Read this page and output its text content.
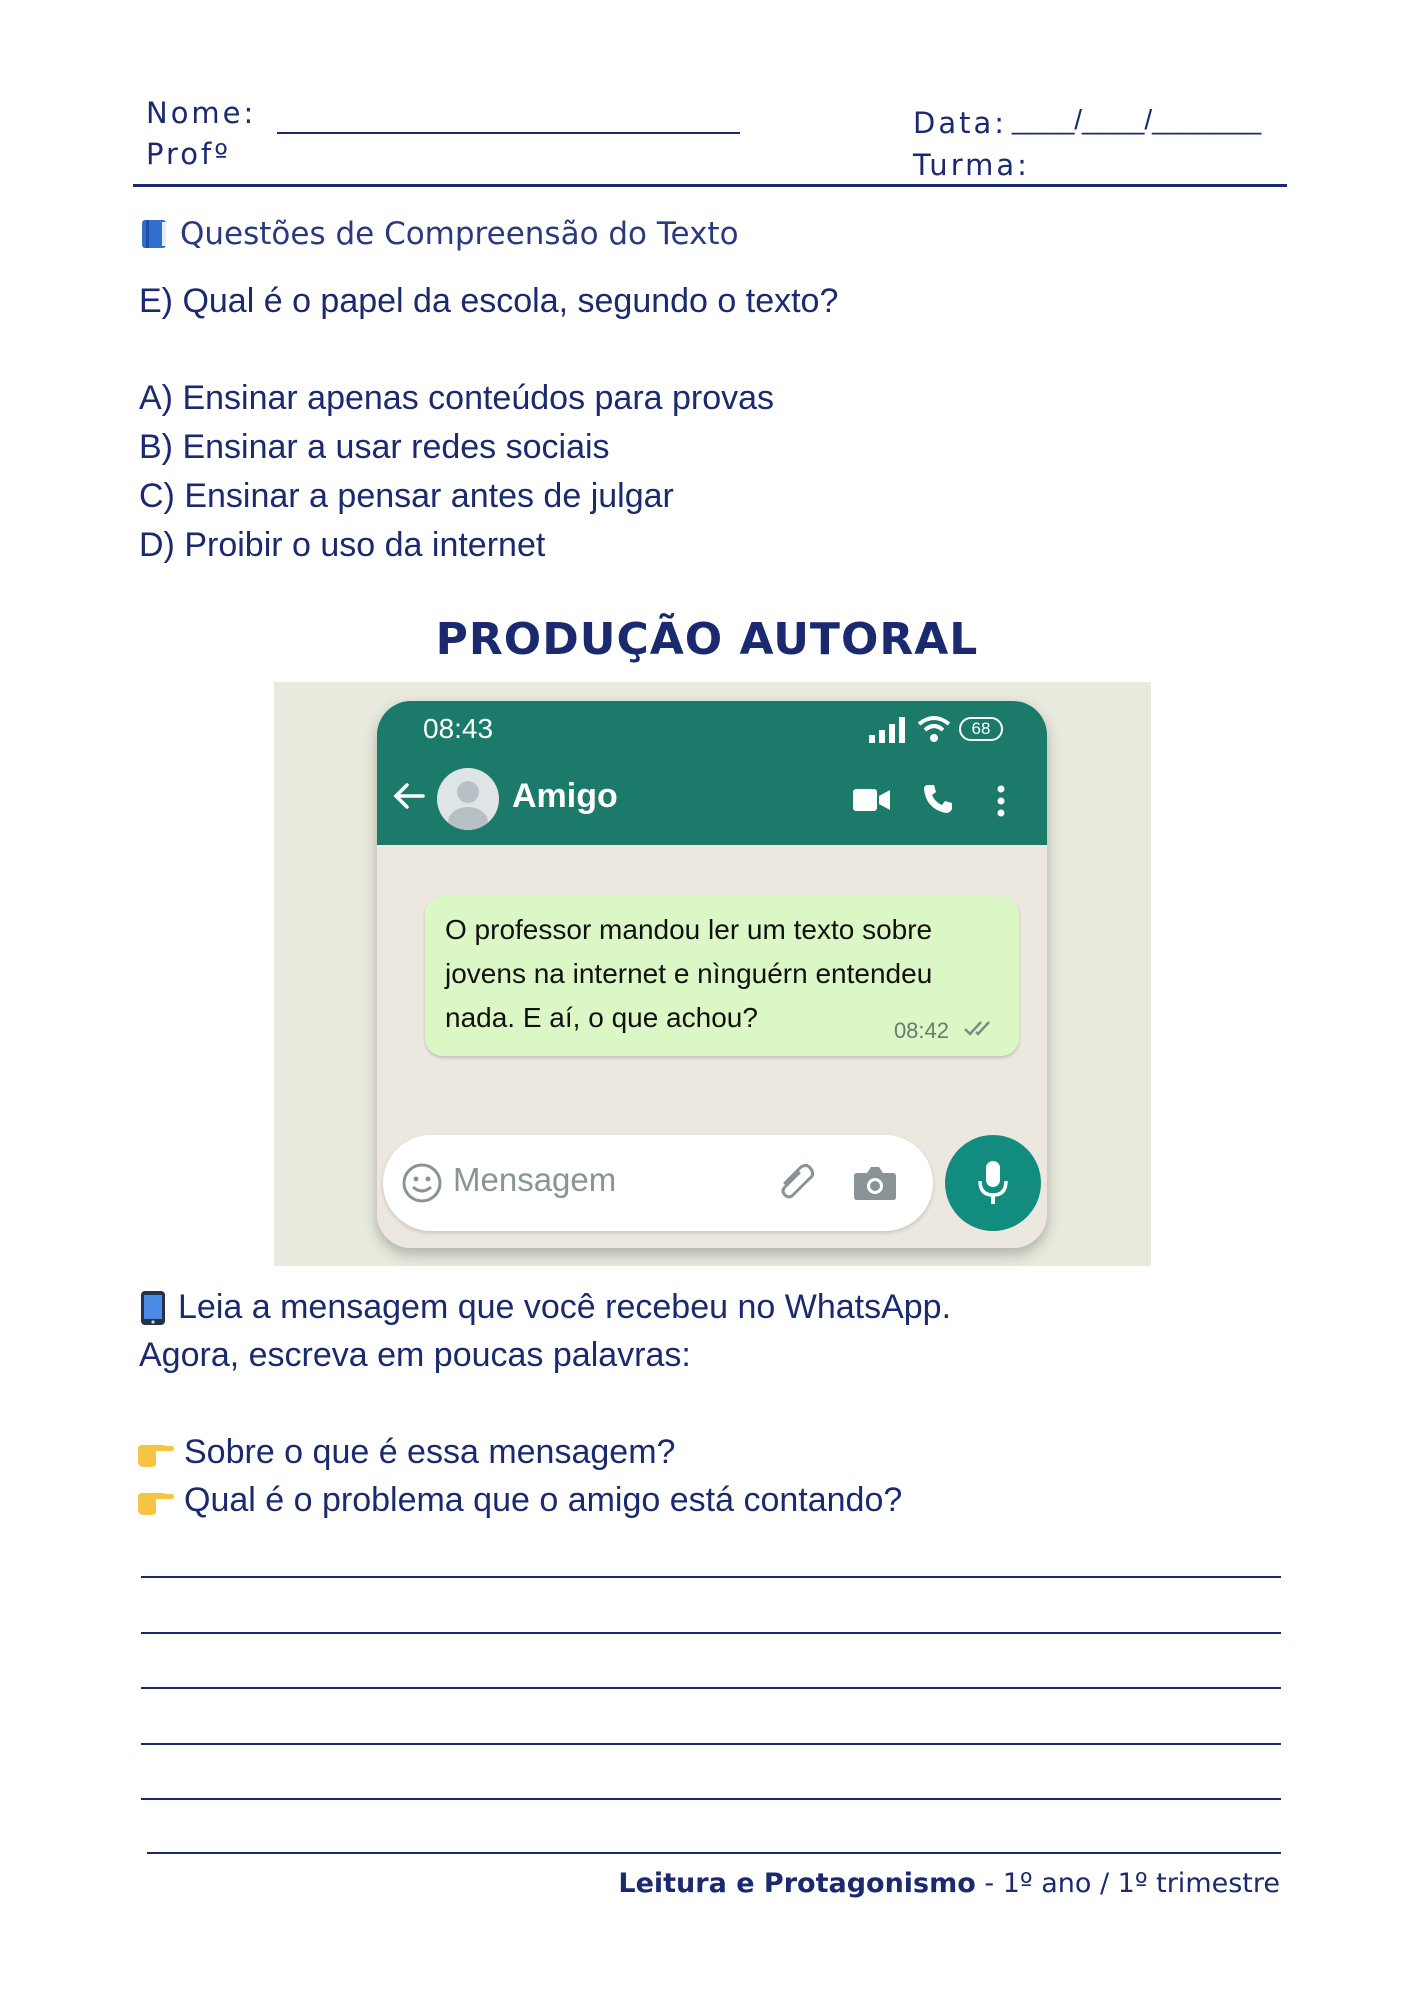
Nome:
Profº
Data: ____/____/_______
Turma:
Questões de Compreensão do Texto
E) Qual é o papel da escola, segundo o texto?
A) Ensinar apenas conteúdos para provas
B) Ensinar a usar redes sociais
C) Ensinar a pensar antes de julgar
D) Proibir o uso da internet
PRODUÇÃO AUTORAL
08:43	68
Amigo
O professor mandou ler um texto sobre
jovens na internet e nìnguérn entendeu
nada. E aí, o que achou?	08:42
Mensagem
Leia a mensagem que você recebeu no WhatsApp.
Agora, escreva em poucas palavras:
Sobre o que é essa mensagem?
Qual é o problema que o amigo está contando?
Leitura e Protagonismo - 1º ano / 1º trimestre
